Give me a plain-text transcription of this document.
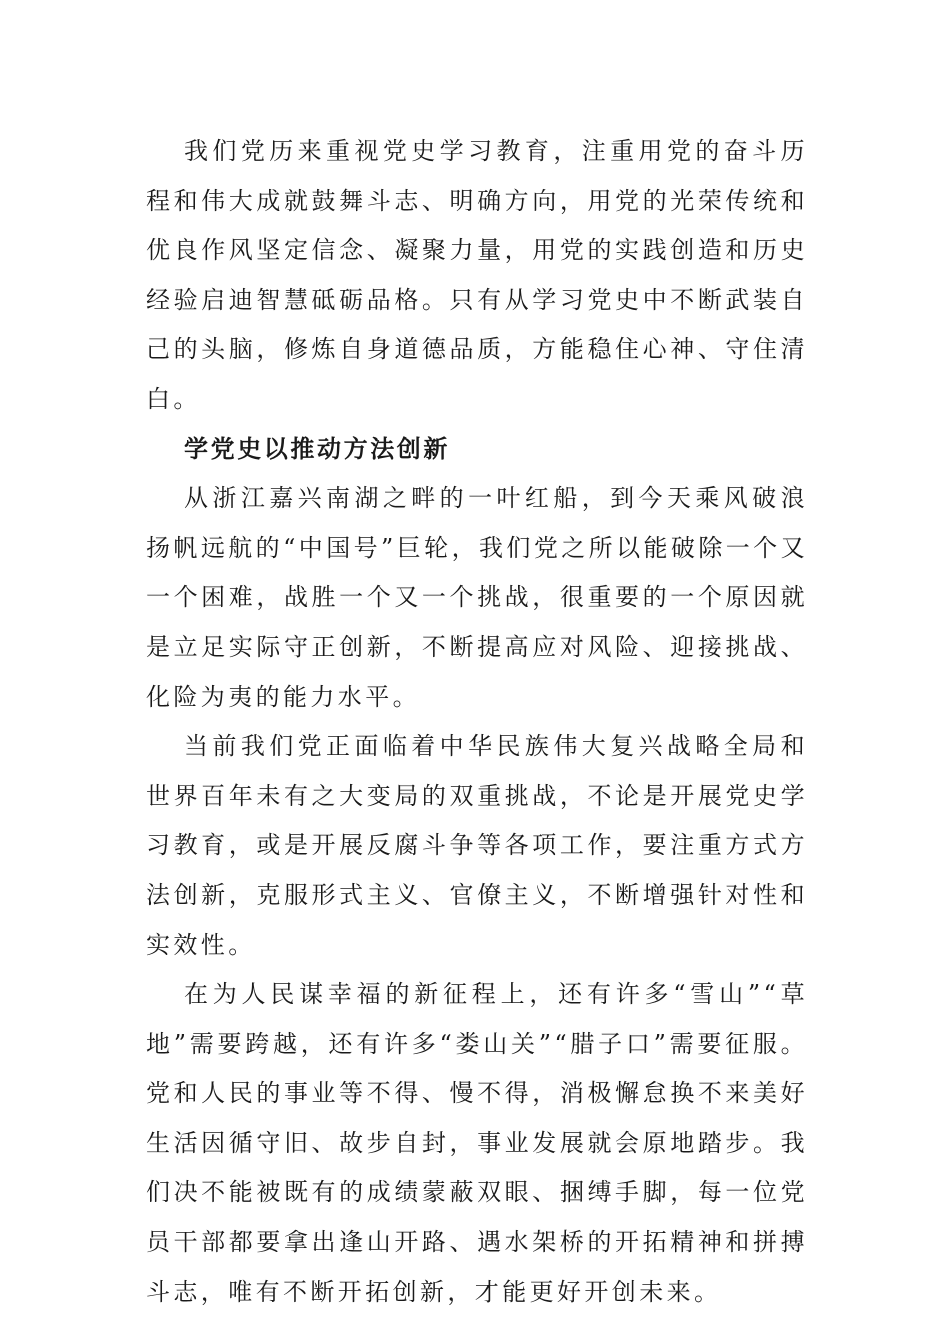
我们党历来重视党史学习教育，注重用党的奋斗历程和伟大成就鼓舞斗志、明确方向，用党的光荣传统和优良作风坚定信念、凝聚力量，用党的实践创造和历史经验启迪智慧砥砺品格。只有从学习党史中不断武装自己的头脑，修炼自身道德品质，方能稳住心神、守住清白。

学党史以推动方法创新

从浙江嘉兴南湖之畔的一叶红船，到今天乘风破浪扬帆远航的“中国号”巨轮，我们党之所以能破除一个又一个困难，战胜一个又一个挑战，很重要的一个原因就是立足实际守正创新，不断提高应对风险、迎接挑战、化险为夷的能力水平。

当前我们党正面临着中华民族伟大复兴战略全局和世界百年未有之大变局的双重挑战，不论是开展党史学习教育，或是开展反腐斗争等各项工作，要注重方式方法创新，克服形式主义、官僚主义，不断增强针对性和实效性。

在为人民谋幸福的新征程上，还有许多“雪山”“草地”需要跨越，还有许多“娄山关”“腊子口”需要征服。党和人民的事业等不得、慢不得，消极懈怠换不来美好生活因循守旧、故步自封，事业发展就会原地踏步。我们决不能被既有的成绩蒙蔽双眼、捆缚手脚，每一位党员干部都要拿出逢山开路、遇水架桥的开拓精神和拼搏斗志，唯有不断开拓创新，才能更好开创未来。
